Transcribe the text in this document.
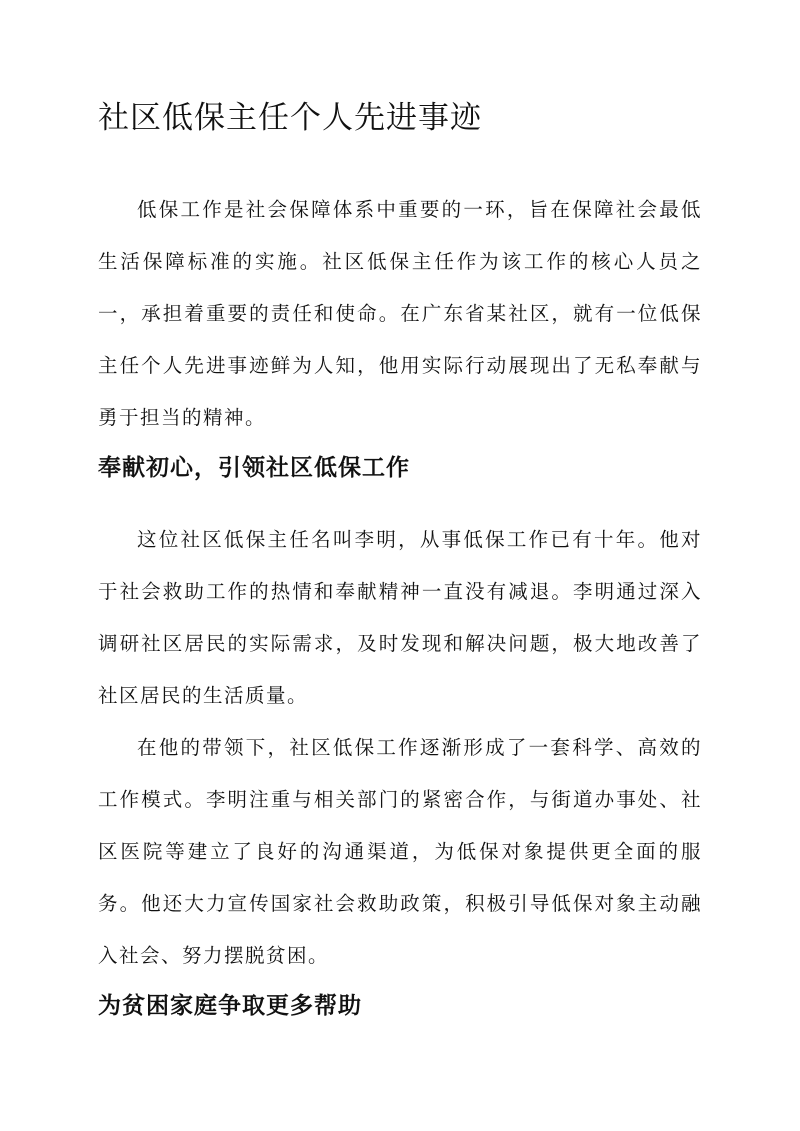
社区低保主任个人先进事迹

低保工作是社会保障体系中重要的一环，旨在保障社会最低生活保障标准的实施。社区低保主任作为该工作的核心人员之一，承担着重要的责任和使命。在广东省某社区，就有一位低保主任个人先进事迹鲜为人知，他用实际行动展现出了无私奉献与勇于担当的精神。

奉献初心，引领社区低保工作

这位社区低保主任名叫李明，从事低保工作已有十年。他对于社会救助工作的热情和奉献精神一直没有减退。李明通过深入调研社区居民的实际需求，及时发现和解决问题，极大地改善了社区居民的生活质量。

在他的带领下，社区低保工作逐渐形成了一套科学、高效的工作模式。李明注重与相关部门的紧密合作，与街道办事处、社区医院等建立了良好的沟通渠道，为低保对象提供更全面的服务。他还大力宣传国家社会救助政策，积极引导低保对象主动融入社会、努力摆脱贫困。

为贫困家庭争取更多帮助
